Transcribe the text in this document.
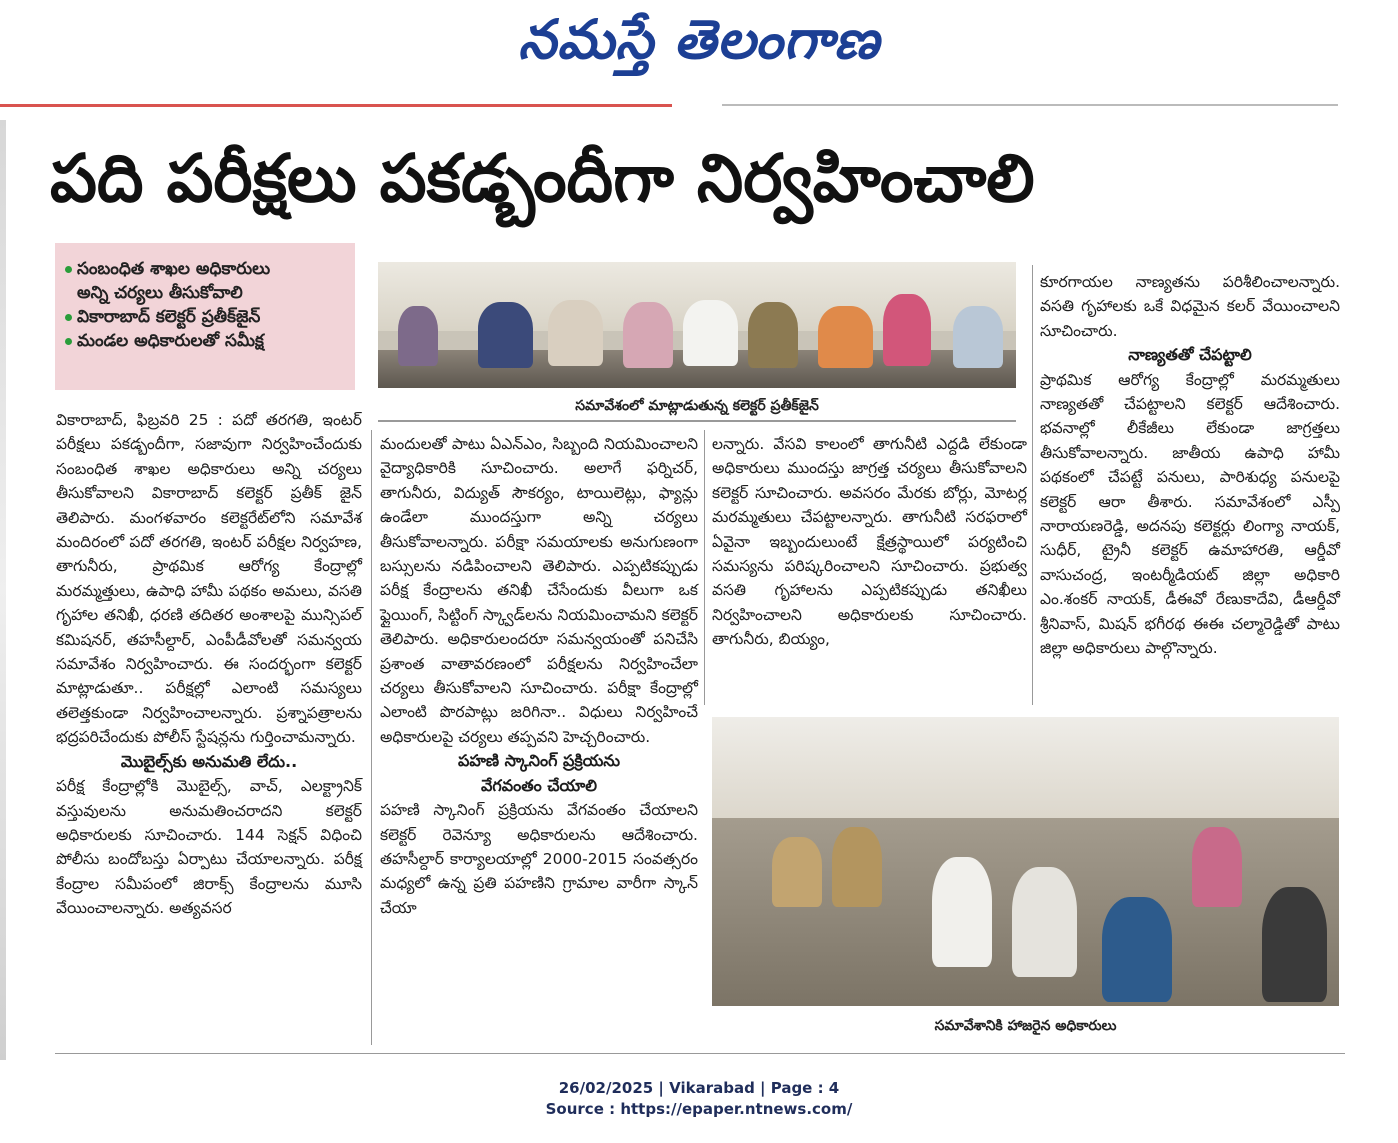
నమస్తే తెలంగాణ
పది పరీక్షలు పకడ్బందీగా నిర్వహించాలి
సంబంధిత శాఖల అధికారులు
అన్ని చర్యలు తీసుకోవాలి
వికారాబాద్ కలెక్టర్ ప్రతీక్‌జైన్
మండల అధికారులతో సమీక్ష
సమావేశంలో మాట్లాడుతున్న కలెక్టర్ ప్రతీక్‌జైన్
వికారాబాద్, ఫిబ్రవరి 25 : పదో తరగతి, ఇంటర్ పరీక్షలు పకడ్బందీగా, సజావుగా నిర్వహించేందుకు సంబంధిత శాఖల అధికారులు అన్ని చర్యలు తీసుకోవాలని వికారాబాద్ కలెక్టర్ ప్రతీక్ జైన్ తెలిపారు. మంగళవారం కలెక్టరేట్‌లోని సమావేశ మందిరంలో పదో తరగతి, ఇంటర్ పరీక్షల నిర్వహణ, తాగునీరు, ప్రాథమిక ఆరోగ్య కేంద్రాల్లో మరమ్మత్తులు, ఉపాధి హామీ పథకం అమలు, వసతి గృహాల తనిఖీ, ధరణి తదితర అంశాలపై మున్సిపల్ కమిషనర్, తహసీల్దార్, ఎంపీడీవోలతో సమన్వయ సమావేశం నిర్వహించారు. ఈ సందర్భంగా కలెక్టర్ మాట్లాడుతూ.. పరీక్షల్లో ఎలాంటి సమస్యలు తలెత్తకుండా నిర్వహించాలన్నారు. ప్రశ్నాపత్రాలను భద్రపరిచేందుకు పోలీస్ స్టేషన్లను గుర్తించామన్నారు.
మొబైల్స్‌కు అనుమతి లేదు..
పరీక్ష కేంద్రాల్లోకి మొబైల్స్, వాచ్, ఎలక్ట్రానిక్ వస్తువులను అనుమతించరాదని కలెక్టర్ అధికారులకు సూచించారు. 144 సెక్షన్ విధించి పోలీసు బందోబస్తు ఏర్పాటు చేయాలన్నారు. పరీక్ష కేంద్రాల సమీపంలో జిరాక్స్ కేంద్రాలను మూసి వేయించాలన్నారు. అత్యవసర
మందులతో పాటు ఏఎన్ఎం, సిబ్బంది నియమించాలని వైద్యాధికారికి సూచించారు. అలాగే ఫర్నిచర్, తాగునీరు, విద్యుత్ సౌకర్యం, టాయిలెట్లు, ఫ్యాన్లు ఉండేలా ముందస్తుగా అన్ని చర్యలు తీసుకోవాలన్నారు. పరీక్షా సమయాలకు అనుగుణంగా బస్సులను నడిపించాలని తెలిపారు. ఎప్పటికప్పుడు పరీక్ష కేంద్రాలను తనిఖీ చేసేందుకు వీలుగా ఒక ఫ్లైయింగ్, సిట్టింగ్ స్క్వాడ్‌లను నియమించామని కలెక్టర్ తెలిపారు. అధికారులందరూ సమన్వయంతో పనిచేసి ప్రశాంత వాతావరణంలో పరీక్షలను నిర్వహించేలా చర్యలు తీసుకోవాలని సూచించారు. పరీక్షా కేంద్రాల్లో ఎలాంటి పొరపాట్లు జరిగినా.. విధులు నిర్వహించే అధికారులపై చర్యలు తప్పవని హెచ్చరించారు.
పహణి స్కానింగ్ ప్రక్రియను
వేగవంతం చేయాలి
పహణి స్కానింగ్ ప్రక్రియను వేగవంతం చేయాలని కలెక్టర్ రెవెన్యూ అధికారులను ఆదేశించారు. తహసీల్దార్ కార్యాలయాల్లో 2000-2015 సంవత్సరం మధ్యలో ఉన్న ప్రతి పహణిని గ్రామాల వారీగా స్కాన్ చేయా
లన్నారు. వేసవి కాలంలో తాగునీటి ఎద్దడి లేకుండా అధికారులు ముందస్తు జాగ్రత్త చర్యలు తీసుకోవాలని కలెక్టర్ సూచించారు. అవసరం మేరకు బోర్లు, మోటర్ల మరమ్మతులు చేపట్టాలన్నారు. తాగునీటి సరఫరాలో ఏవైనా ఇబ్బందులుంటే క్షేత్రస్థాయిలో పర్యటించి సమస్యను పరిష్కరించాలని సూచించారు. ప్రభుత్వ వసతి గృహాలను ఎప్పటికప్పుడు తనిఖీలు నిర్వహించాలని అధికారులకు సూచించారు. తాగునీరు, బియ్యం,
కూరగాయల నాణ్యతను పరిశీలించాలన్నారు. వసతి గృహాలకు ఒకే విధమైన కలర్ వేయించాలని సూచించారు.
నాణ్యతతో చేపట్టాలి
ప్రాథమిక ఆరోగ్య కేంద్రాల్లో మరమ్మతులు నాణ్యతతో చేపట్టాలని కలెక్టర్ ఆదేశించారు. భవనాల్లో లీకేజీలు లేకుండా జాగ్రత్తలు తీసుకోవాలన్నారు. జాతీయ ఉపాధి హామీ పథకంలో చేపట్టే పనులు, పారిశుధ్య పనులపై కలెక్టర్ ఆరా తీశారు. సమావేశంలో ఎస్పీ నారాయణరెడ్డి, అదనపు కలెక్టర్లు లింగ్యా నాయక్, సుధీర్, ట్రైనీ కలెక్టర్ ఉమాహారతి, ఆర్డీవో వాసుచంద్ర, ఇంటర్మీడియట్ జిల్లా అధికారి ఎం.శంకర్ నాయక్, డీఈవో రేణుకాదేవి, డీఆర్డీవో శ్రీనివాస్, మిషన్ భగీరథ ఈఈ చల్మారెడ్డితో పాటు జిల్లా అధికారులు పాల్గొన్నారు.
సమావేశానికి హాజరైన అధికారులు
26/02/2025 | Vikarabad | Page : 4
Source : https://epaper.ntnews.com/
